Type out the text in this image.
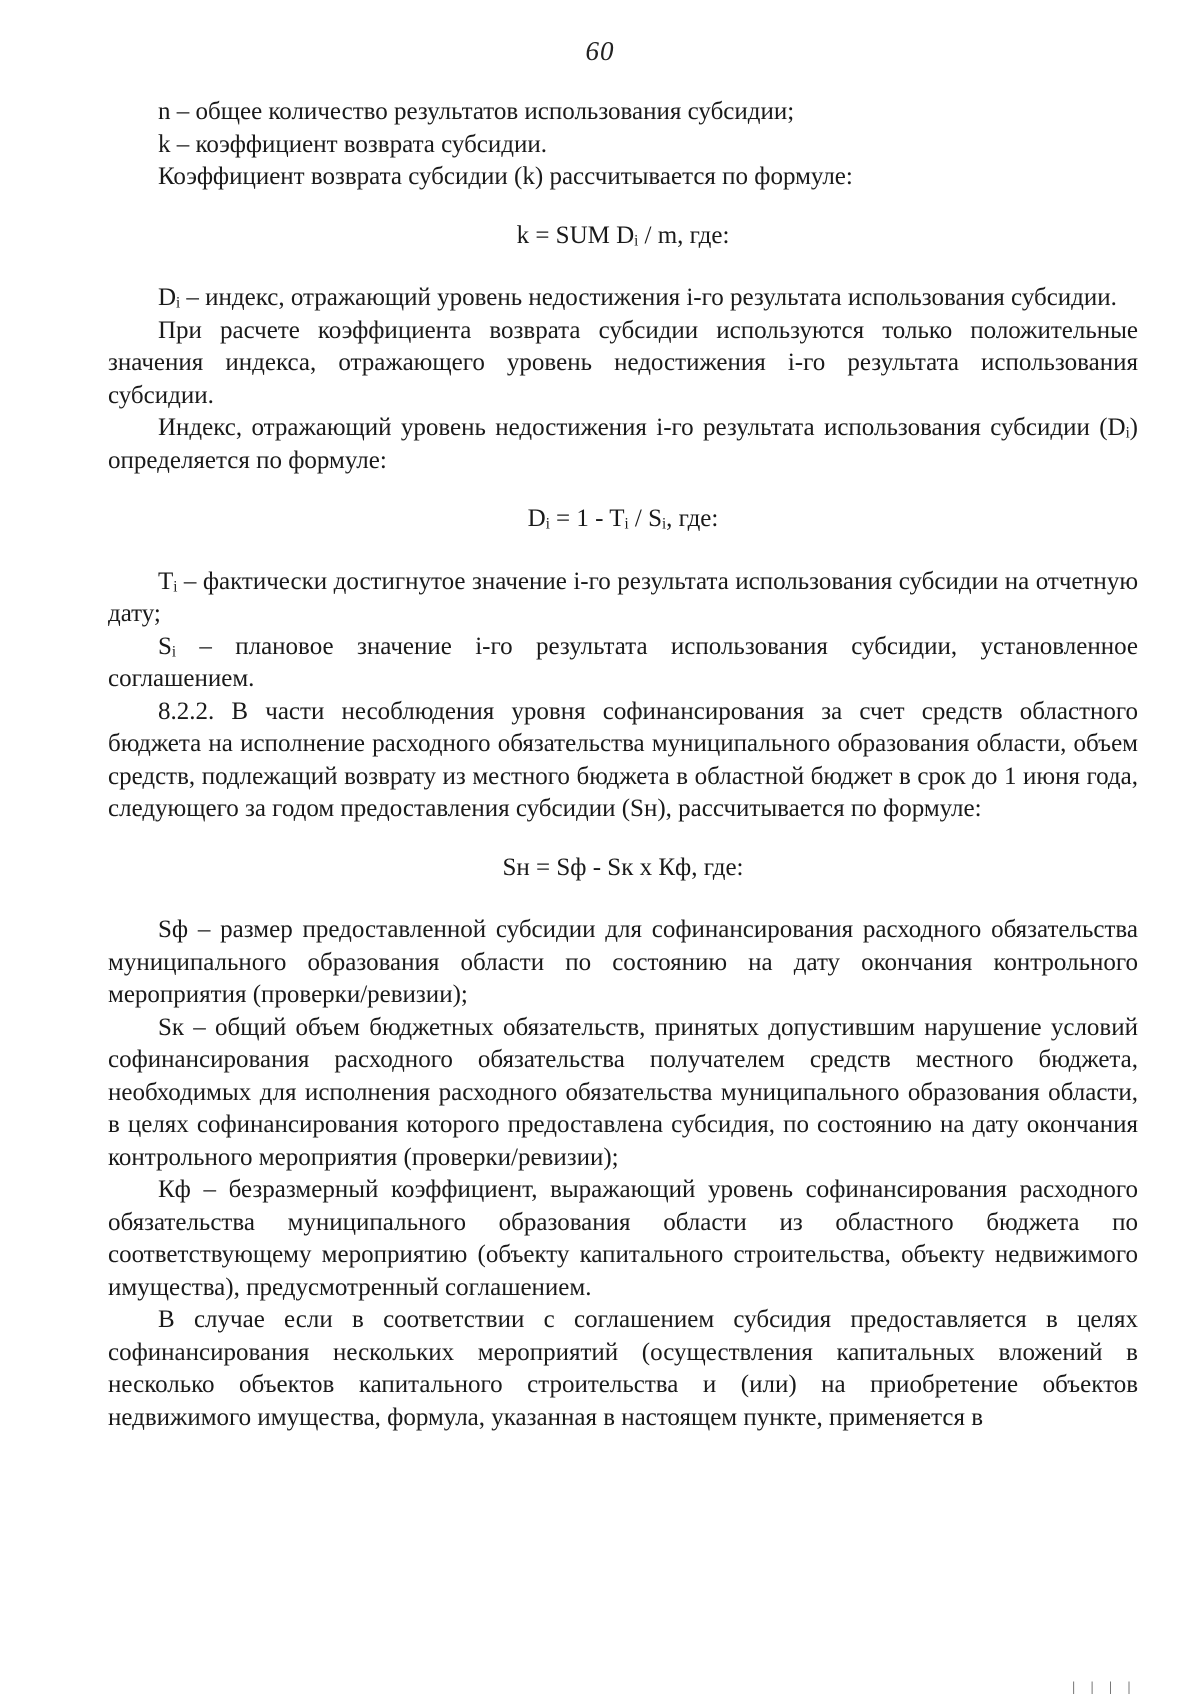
60

n – общее количество результатов использования субсидии;

k – коэффициент возврата субсидии.

Коэффициент возврата субсидии (k) рассчитывается по формуле:

k = SUM Dᵢ / m, где:

Dᵢ – индекс, отражающий уровень недостижения i-го результата использования субсидии.

При расчете коэффициента возврата субсидии используются только положительные значения индекса, отражающего уровень недостижения i-го результата использования субсидии.

Индекс, отражающий уровень недостижения i-го результата использования субсидии (Dᵢ) определяется по формуле:

Dᵢ = 1 - Tᵢ / Sᵢ, где:

Tᵢ – фактически достигнутое значение i-го результата использования субсидии на отчетную дату;

Sᵢ – плановое значение i-го результата использования субсидии, установленное соглашением.

8.2.2. В части несоблюдения уровня софинансирования за счет средств областного бюджета на исполнение расходного обязательства муниципального образования области, объем средств, подлежащий возврату из местного бюджета в областной бюджет в срок до 1 июня года, следующего за годом предоставления субсидии (Sн), рассчитывается по формуле:

Sн = Sф - Sк х Кф, где:

Sф – размер предоставленной субсидии для софинансирования расходного обязательства муниципального образования области по состоянию на дату окончания контрольного мероприятия (проверки/ревизии);

Sк – общий объем бюджетных обязательств, принятых допустившим нарушение условий софинансирования расходного обязательства получателем средств местного бюджета, необходимых для исполнения расходного обязательства муниципального образования области, в целях софинансирования которого предоставлена субсидия, по состоянию на дату окончания контрольного мероприятия (проверки/ревизии);

Кф – безразмерный коэффициент, выражающий уровень софинансирования расходного обязательства муниципального образования области из областного бюджета по соответствующему мероприятию (объекту капитального строительства, объекту недвижимого имущества), предусмотренный соглашением.

В случае если в соответствии с соглашением субсидия предоставляется в целях софинансирования нескольких мероприятий (осуществления капитальных вложений в несколько объектов капитального строительства и (или) на приобретение объектов недвижимого имущества, формула, указанная в настоящем пункте, применяется в

| | | |
